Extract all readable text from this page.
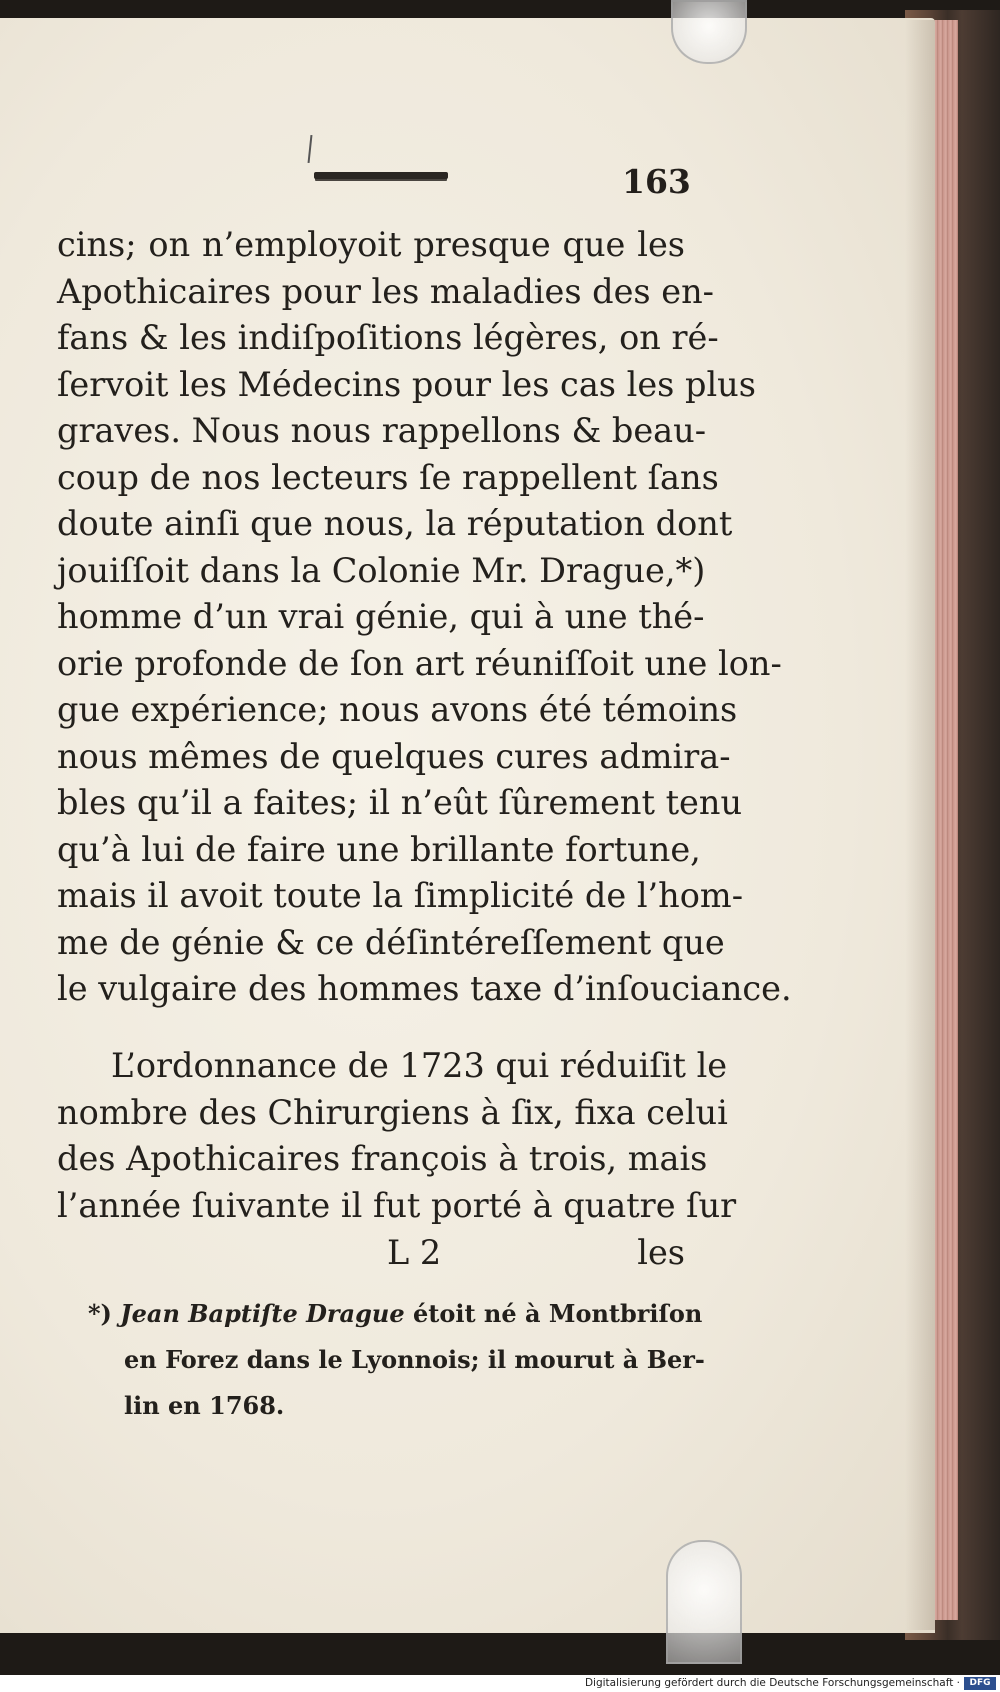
163
cins; on n’employoit presque que les
Apothicaires pour les maladies des en-
fans & les indiſpoſitions légères, on ré-
ſervoit les Médecins pour les cas les plus
graves. Nous nous rappellons & beau-
coup de nos lecteurs ſe rappellent ſans
doute ainſi que nous, la réputation dont
jouiſſoit dans la Colonie Mr. Drague,*)
homme d’un vrai génie, qui à une thé-
orie profonde de ſon art réuniſſoit une lon-
gue expérience; nous avons été témoins
nous mêmes de quelques cures admira-
bles qu’il a faites; il n’eût ſûrement tenu
qu’à lui de faire une brillante fortune,
mais il avoit toute la ſimplicité de l’hom-
me de génie & ce déſintéreſſement que
le vulgaire des hommes taxe d’inſouciance.
L’ordonnance de 1723 qui réduiſit le
nombre des Chirurgiens à ſix, fixa celui
des Apothicaires françois à trois, mais
l’année ſuivante il fut porté à quatre ſur
L 2	les
*) Jean Baptiſte Drague étoit né à Montbriſon
en Forez dans le Lyonnois; il mourut à Ber-
lin en 1768.
Digitalisierung gefördert durch die Deutsche Forschungsgemeinschaft ·	DFG
